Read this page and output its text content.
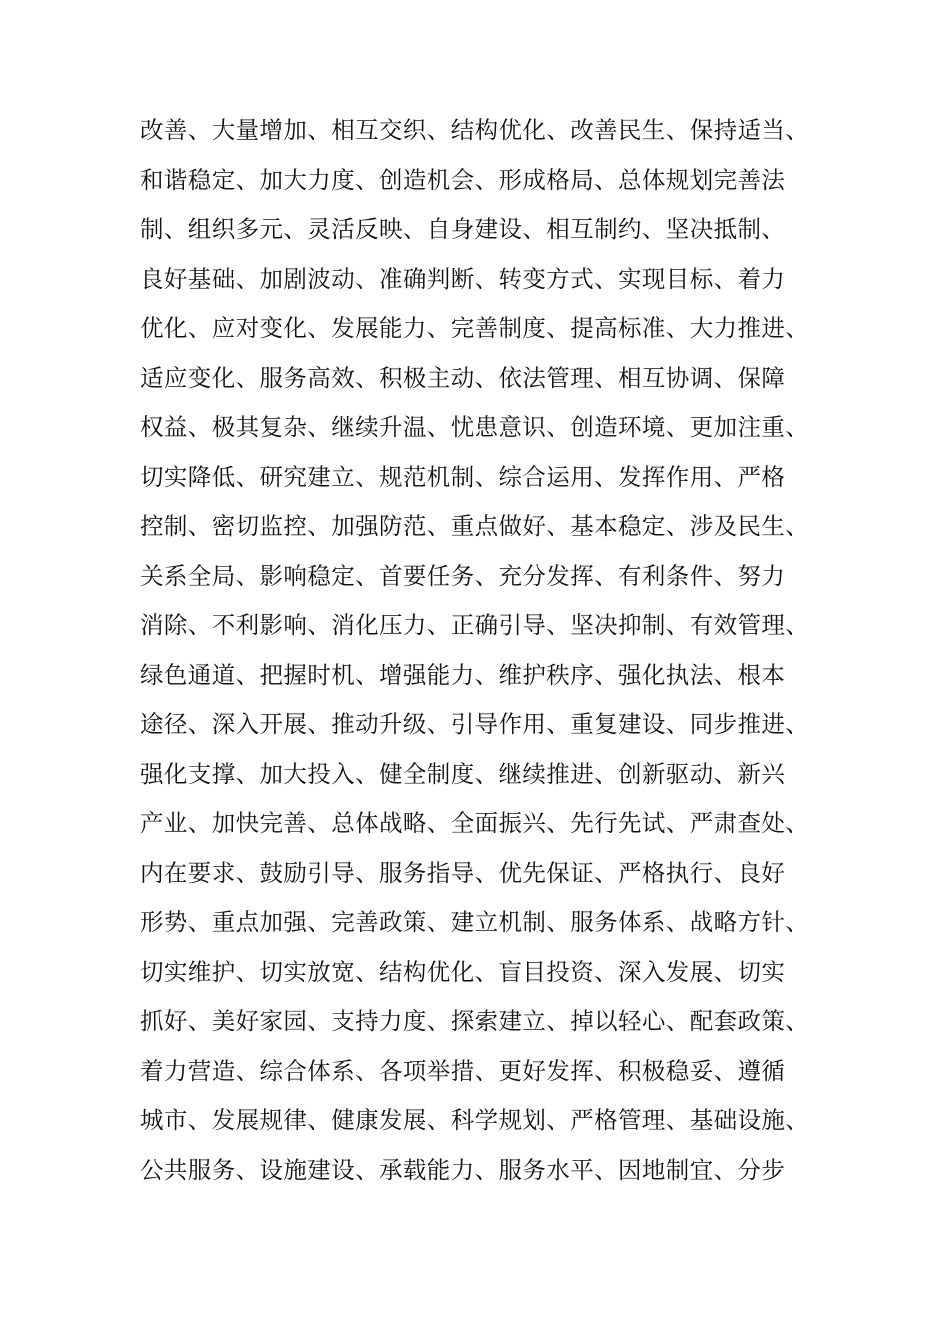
改善、大量增加、相互交织、结构优化、改善民生、保持适当、
和谐稳定、加大力度、创造机会、形成格局、总体规划完善法
制、组织多元、灵活反映、自身建设、相互制约、坚决抵制、
良好基础、加剧波动、准确判断、转变方式、实现目标、着力
优化、应对变化、发展能力、完善制度、提高标准、大力推进、
适应变化、服务高效、积极主动、依法管理、相互协调、保障
权益、极其复杂、继续升温、忧患意识、创造环境、更加注重、
切实降低、研究建立、规范机制、综合运用、发挥作用、严格
控制、密切监控、加强防范、重点做好、基本稳定、涉及民生、
关系全局、影响稳定、首要任务、充分发挥、有利条件、努力
消除、不利影响、消化压力、正确引导、坚决抑制、有效管理、
绿色通道、把握时机、增强能力、维护秩序、强化执法、根本
途径、深入开展、推动升级、引导作用、重复建设、同步推进、
强化支撑、加大投入、健全制度、继续推进、创新驱动、新兴
产业、加快完善、总体战略、全面振兴、先行先试、严肃查处、
内在要求、鼓励引导、服务指导、优先保证、严格执行、良好
形势、重点加强、完善政策、建立机制、服务体系、战略方针、
切实维护、切实放宽、结构优化、盲目投资、深入发展、切实
抓好、美好家园、支持力度、探索建立、掉以轻心、配套政策、
着力营造、综合体系、各项举措、更好发挥、积极稳妥、遵循
城市、发展规律、健康发展、科学规划、严格管理、基础设施、
公共服务、设施建设、承载能力、服务水平、因地制宜、分步
